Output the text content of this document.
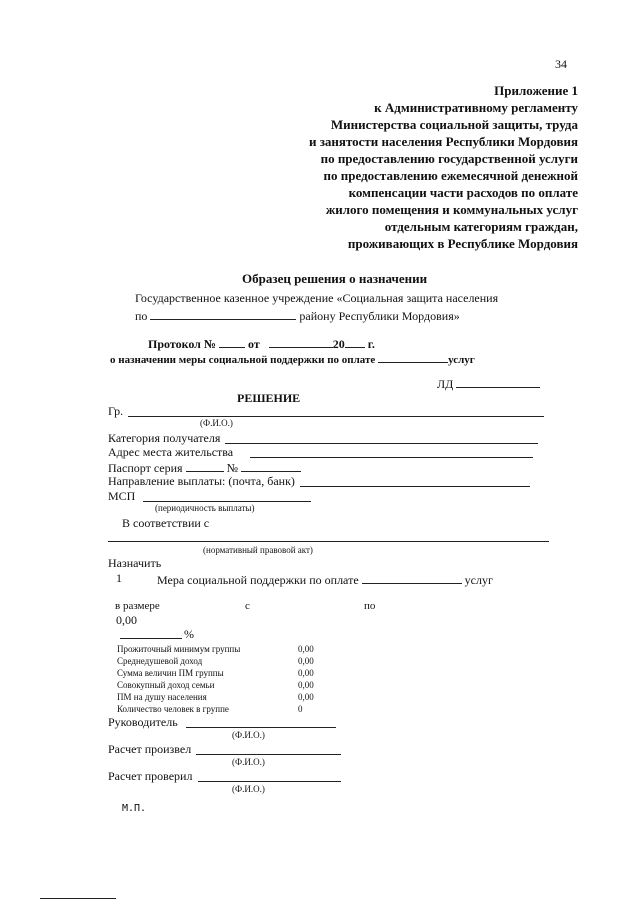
34
Приложение 1
к Административному регламенту
Министерства социальной защиты, труда
и занятости населения Республики Мордовия
по предоставлению государственной услуги
по предоставлению ежемесячной денежной
компенсации части расходов по оплате
жилого помещения и коммунальных услуг
отдельным категориям граждан,
проживающих в Республике Мордовия
Образец решения о назначении
Государственное казенное учреждение «Социальная защита населения
по	району Республики Мордовия»
Протокол №	от	20 г.
о назначении меры социальной поддержки по оплате	услуг
ЛД
РЕШЕНИЕ
Гр.
(Ф.И.О.)
Категория получателя
Адрес места жительства
Паспорт серия	№
Направление выплаты: (почта, банк)
МСП
(периодичность выплаты)
В соответствии с
(нормативный правовой акт)
Назначить
1	Мера социальной поддержки по оплате	услуг
в размере	с	по
0,00
%
Прожиточный минимум группы	0,00
Среднедушевой доход	0,00
Сумма величин ПМ группы	0,00
Совокупный доход семьи	0,00
ПМ на душу населения	0,00
Количество человек в группе	0
Руководитель
(Ф.И.О.)
Расчет произвел
(Ф.И.О.)
Расчет проверил
(Ф.И.О.)
М.П.
